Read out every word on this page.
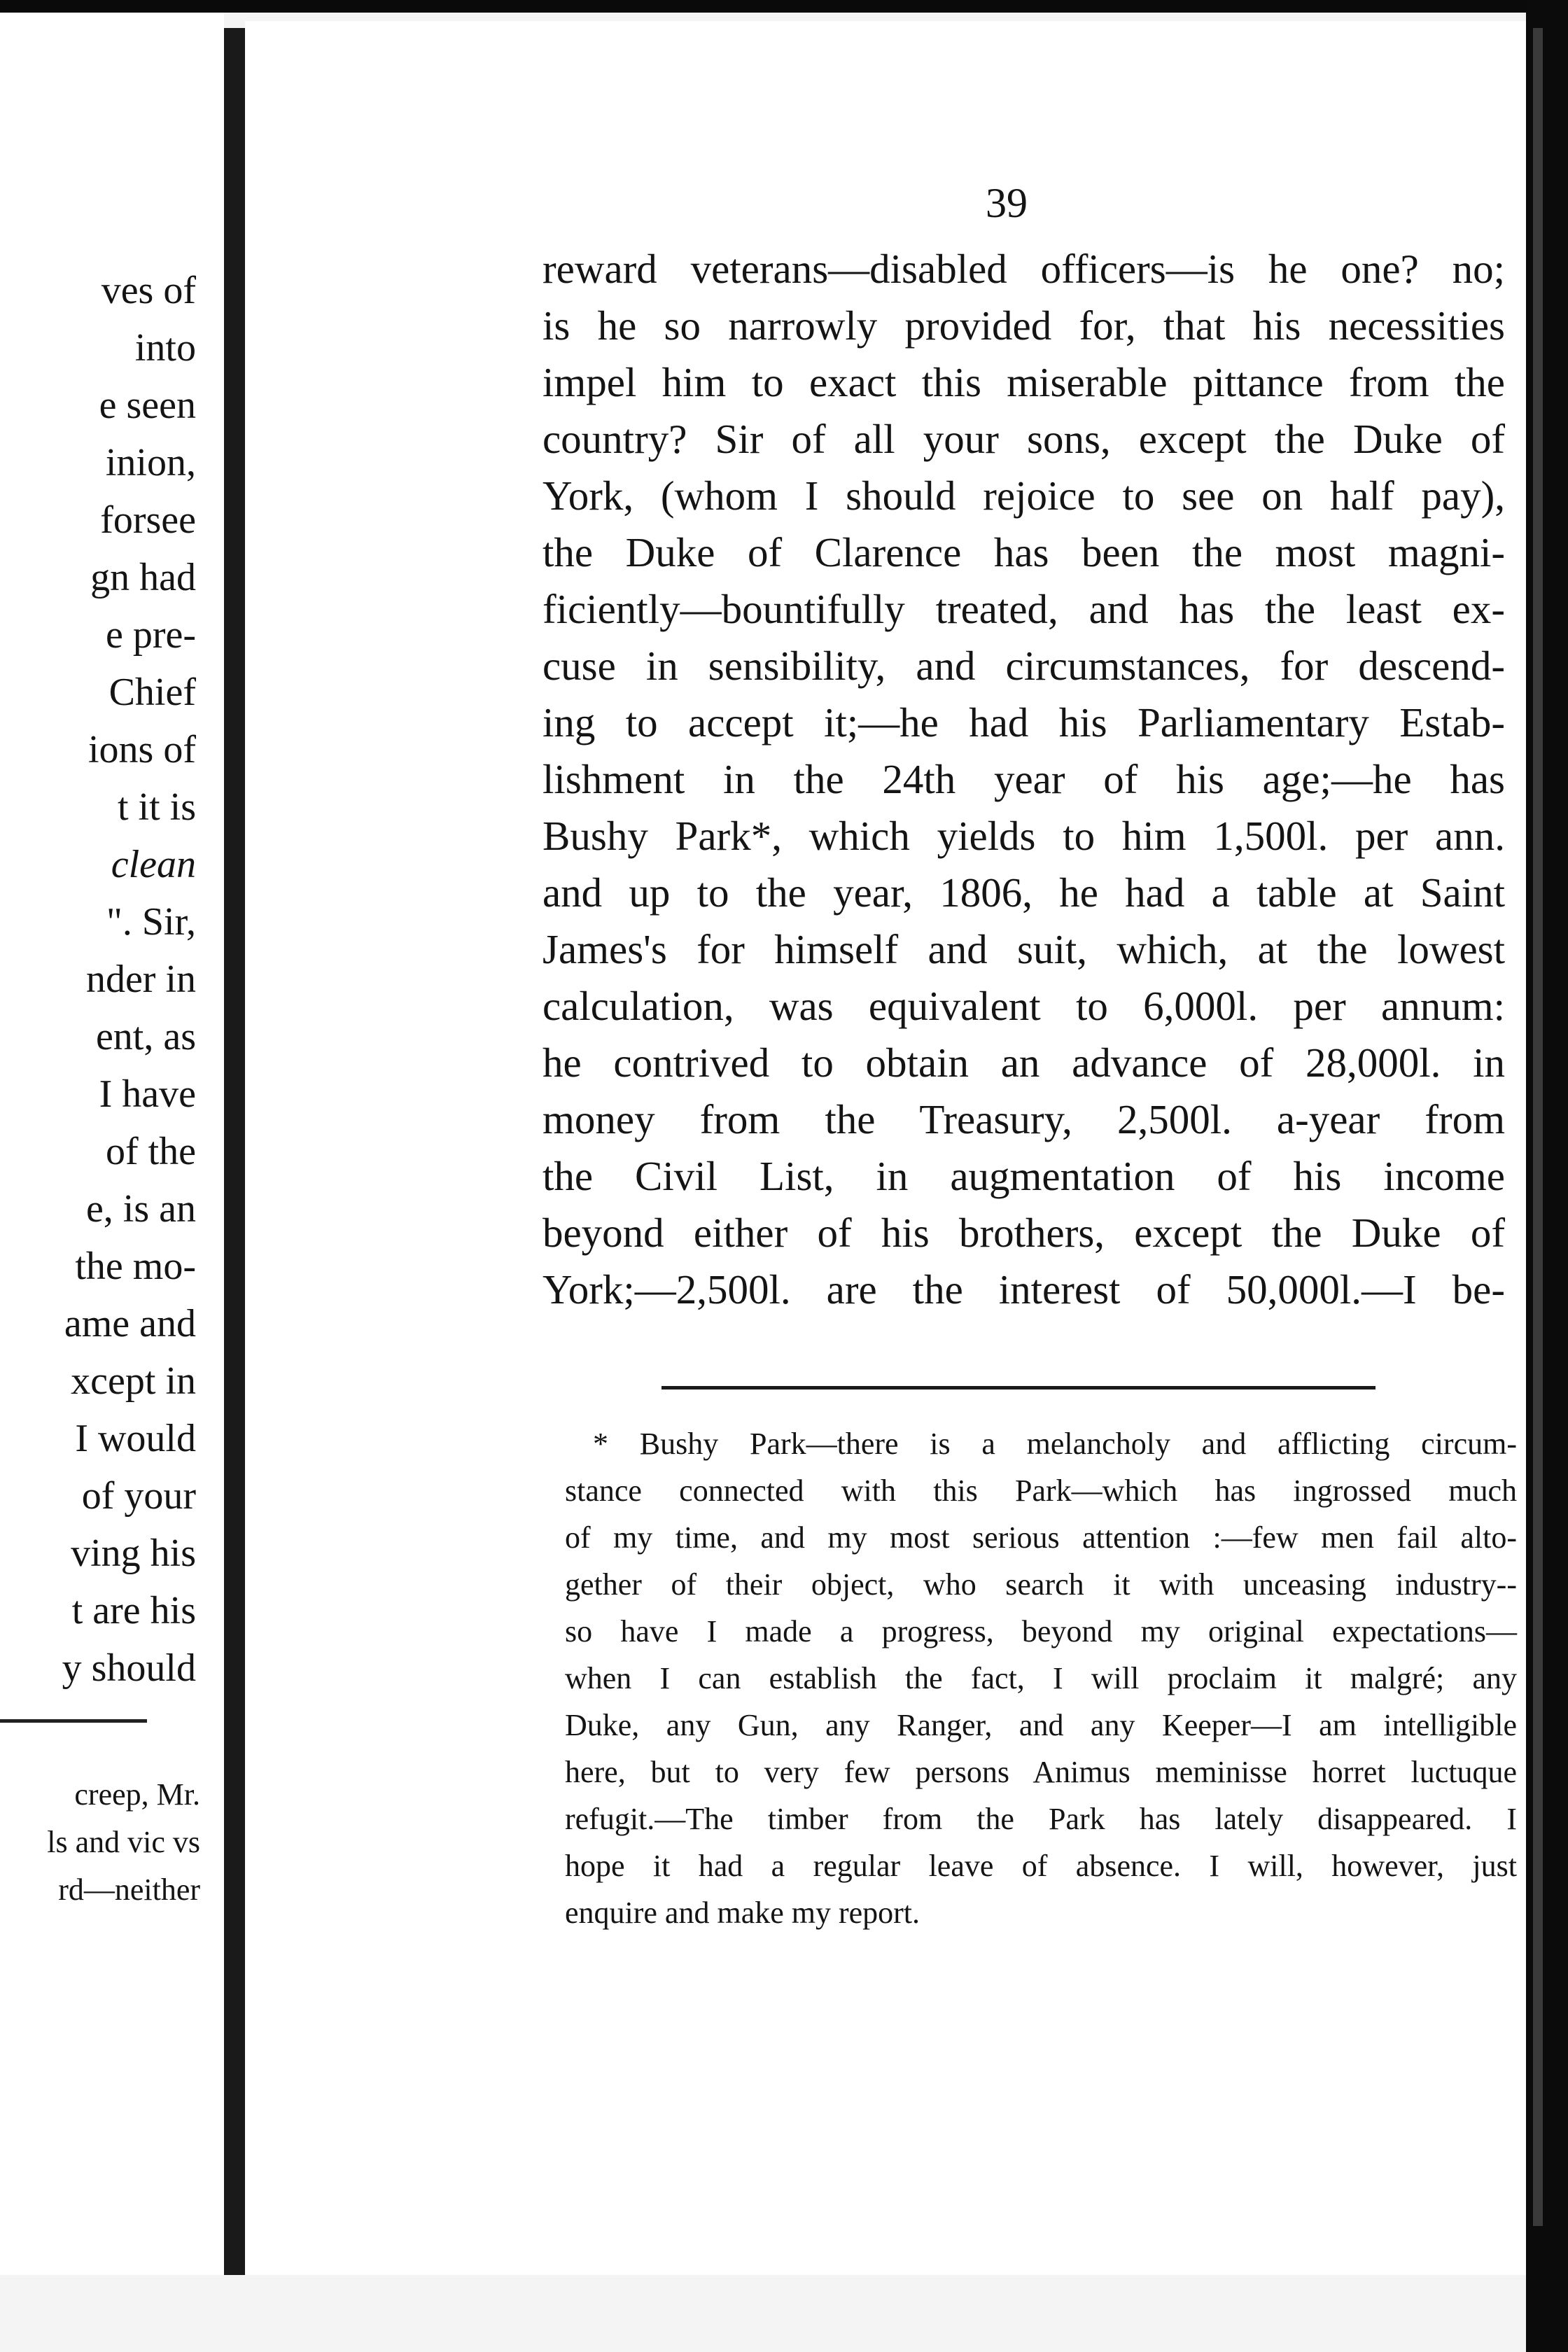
ves of
into
e seen
inion,
forsee
gn had
e pre-
Chief
ions of
t it is
clean
". Sir,
nder in
ent, as
I have
of the
e, is an
the mo-
ame and
xcept in
I would
of your
ving his
t are his
y should
creep, Mr.
ls and vic vs
rd—neither
39
reward veterans—disabled officers—is he one? no;
is he so narrowly provided for, that his necessities
impel him to exact this miserable pittance from the
country? Sir of all your sons, except the Duke of
York, (whom I should rejoice to see on half pay),
the Duke of Clarence has been the most magni-
ficiently—bountifully treated, and has the least ex-
cuse in sensibility, and circumstances, for descend-
ing to accept it;—he had his Parliamentary Estab-
lishment in the 24th year of his age;—he has
Bushy Park*, which yields to him 1,500l. per ann.
and up to the year, 1806, he had a table at Saint
James's for himself and suit, which, at the lowest
calculation, was equivalent to 6,000l. per annum:
he contrived to obtain an advance of 28,000l. in
money from the Treasury, 2,500l. a-year from
the Civil List, in augmentation of his income
beyond either of his brothers, except the Duke of
York;—2,500l. are the interest of 50,000l.—I be-
* Bushy Park—there is a melancholy and afflicting circum-
stance connected with this Park—which has ingrossed much
of my time, and my most serious attention :—few men fail alto-
gether of their object, who search it with unceasing industry--
so have I made a progress, beyond my original expectations—
when I can establish the fact, I will proclaim it malgré; any
Duke, any Gun, any Ranger, and any Keeper—I am intelligible
here, but to very few persons Animus meminisse horret luctuque
refugit.—The timber from the Park has lately disappeared. I
hope it had a regular leave of absence. I will, however, just
enquire and make my report.
